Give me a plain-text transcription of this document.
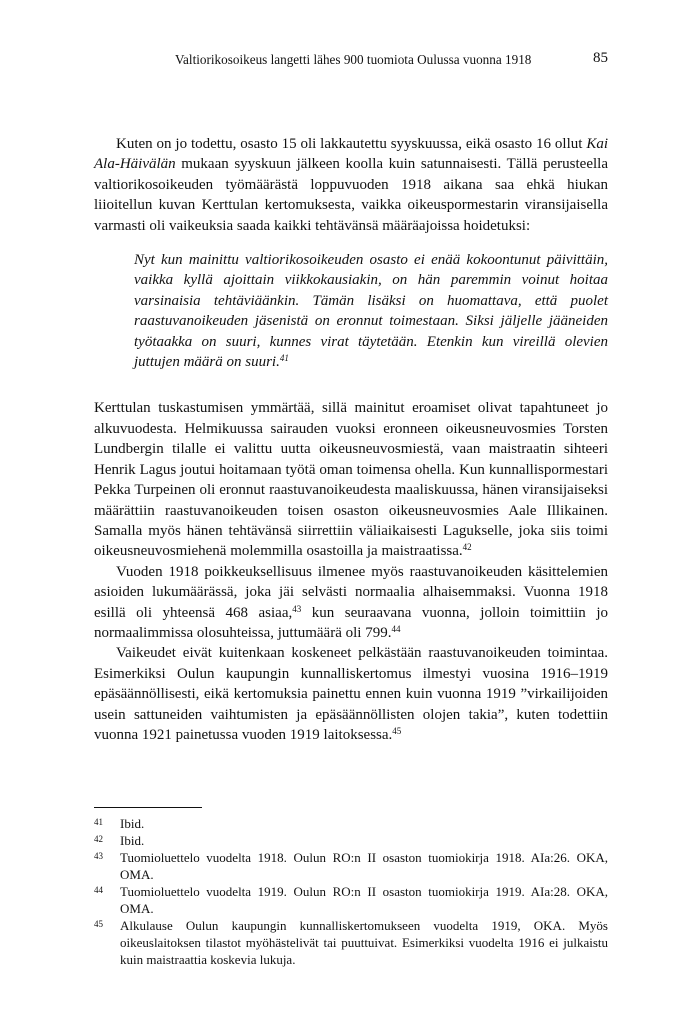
Valtiorikosoikeus langetti lähes 900 tuomiota Oulussa vuonna 1918	85

Kuten on jo todettu, osasto 15 oli lakkautettu syyskuussa, eikä osasto 16 ollut Kai Ala-Häivälän mukaan syyskuun jälkeen koolla kuin satunnaisesti. Tällä perusteella valtiorikosoikeuden työmäärästä loppuvuoden 1918 aikana saa ehkä hiukan liioitellun kuvan Kerttulan kertomuksesta, vaikka oikeuspormestarin viransijaisella varmasti oli vaikeuksia saada kaikki tehtävänsä määräajoissa hoidetuksi:

Nyt kun mainittu valtiorikosoikeuden osasto ei enää kokoontunut päivittäin, vaikka kyllä ajoittain viikkokausiakin, on hän paremmin voinut hoitaa varsinaisia tehtäviäänkin. Tämän lisäksi on huomattava, että puolet raastuvanoikeuden jäsenistä on eronnut toimestaan. Siksi jäljelle jääneiden työtaakka on suuri, kunnes virat täytetään. Etenkin kun vireillä olevien juttujen määrä on suuri.$^{41}$

Kerttulan tuskastumisen ymmärtää, sillä mainitut eroamiset olivat tapahtuneet jo alkuvuodesta. Helmikuussa sairauden vuoksi eronneen oikeusneuvosmies Torsten Lundbergin tilalle ei valittu uutta oikeusneuvosmiestä, vaan maistraatin sihteeri Henrik Lagus joutui hoitamaan työtä oman toimensa ohella. Kun kunnallispormestari Pekka Turpeinen oli eronnut raastuvanoikeudesta maaliskuussa, hänen viransijaiseksi määrättiin raastuvanoikeuden toisen osaston oikeusneuvosmies Aale Illikainen. Samalla myös hänen tehtävänsä siirrettiin väliaikaisesti Lagukselle, joka siis toimi oikeusneuvosmiehenä molemmilla osastoilla ja maistraatissa.$^{42}$

Vuoden 1918 poikkeuksellisuus ilmenee myös raastuvanoikeuden käsittelemien asioiden lukumäärässä, joka jäi selvästi normaalia alhaisemmaksi. Vuonna 1918 esillä oli yhteensä 468 asiaa,$^{43}$ kun seuraavana vuonna, jolloin toimittiin jo normaalimmissa olosuhteissa, juttumäärä oli 799.44

Vaikeudet eivät kuitenkaan koskeneet pelkästään raastuvanoikeuden toimintaa. Esimerkiksi Oulun kaupungin kunnalliskertomus ilmestyi vuosina 1916–1919 epäsäännöllisesti, eikä kertomuksia painettu ennen kuin vuonna 1919 ”virkailijoiden usein sattuneiden vaihtumisten ja epäsäännöllisten olojen takia”, kuten todettiin vuonna 1921 painetussa vuoden 1919 laitoksessa.$^{45}$

41 Ibid.
42 Ibid.
43 Tuomioluettelo vuodelta 1918. Oulun RO:n II osaston tuomiokirja 1918. AIa:26. OKA, OMA.
44 Tuomioluettelo vuodelta 1919. Oulun RO:n II osaston tuomiokirja 1919. AIa:28. OKA, OMA.
45 Alkulause Oulun kaupungin kunnalliskertomukseen vuodelta 1919, OKA. Myös oikeuslaitoksen tilastot myöhästelivät tai puuttuivat. Esimerkiksi vuodelta 1916 ei julkaistu kuin maistraattia koskevia lukuja.
